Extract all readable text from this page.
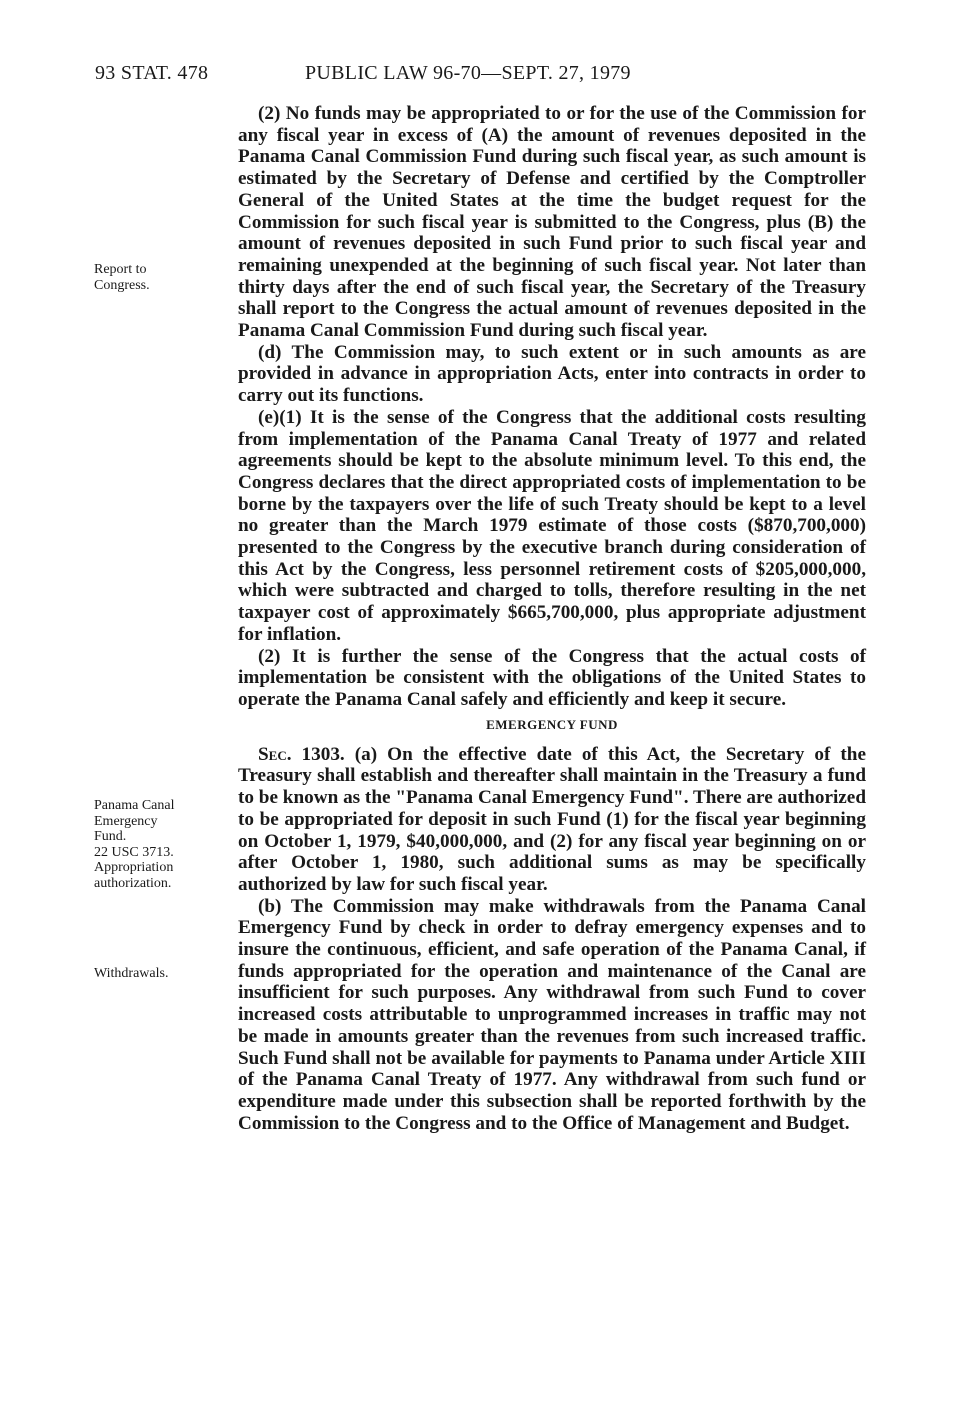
93 STAT. 478	PUBLIC LAW 96-70—SEPT. 27, 1979
Report to
Congress.
Panama Canal
Emergency
Fund.
22 USC 3713.
Appropriation
authorization.
Withdrawals.

(2) No funds may be appropriated to or for the use of the Commission for any fiscal year in excess of (A) the amount of revenues deposited in the Panama Canal Commission Fund during such fiscal year, as such amount is estimated by the Secretary of Defense and certified by the Comptroller General of the United States at the time the budget request for the Commission for such fiscal year is submitted to the Congress, plus (B) the amount of revenues deposited in such Fund prior to such fiscal year and remaining unexpended at the beginning of such fiscal year. Not later than thirty days after the end of such fiscal year, the Secretary of the Treasury shall report to the Congress the actual amount of revenues deposited in the Panama Canal Commission Fund during such fiscal year.

(d) The Commission may, to such extent or in such amounts as are provided in advance in appropriation Acts, enter into contracts in order to carry out its functions.

(e)(1) It is the sense of the Congress that the additional costs resulting from implementation of the Panama Canal Treaty of 1977 and related agreements should be kept to the absolute minimum level. To this end, the Congress declares that the direct appropriated costs of implementation to be borne by the taxpayers over the life of such Treaty should be kept to a level no greater than the March 1979 estimate of those costs ($870,700,000) presented to the Congress by the executive branch during consideration of this Act by the Congress, less personnel retirement costs of $205,000,000, which were subtracted and charged to tolls, therefore resulting in the net taxpayer cost of approximately $665,700,000, plus appropriate adjustment for inflation.

(2) It is further the sense of the Congress that the actual costs of implementation be consistent with the obligations of the United States to operate the Panama Canal safely and efficiently and keep it secure.

EMERGENCY FUND

Sec. 1303. (a) On the effective date of this Act, the Secretary of the Treasury shall establish and thereafter shall maintain in the Treasury a fund to be known as the "Panama Canal Emergency Fund". There are authorized to be appropriated for deposit in such Fund (1) for the fiscal year beginning on October 1, 1979, $40,000,000, and (2) for any fiscal year beginning on or after October 1, 1980, such additional sums as may be specifically authorized by law for such fiscal year.

(b) The Commission may make withdrawals from the Panama Canal Emergency Fund by check in order to defray emergency expenses and to insure the continuous, efficient, and safe operation of the Panama Canal, if funds appropriated for the operation and maintenance of the Canal are insufficient for such purposes. Any withdrawal from such Fund to cover increased costs attributable to unprogrammed increases in traffic may not be made in amounts greater than the revenues from such increased traffic. Such Fund shall not be available for payments to Panama under Article XIII of the Panama Canal Treaty of 1977. Any withdrawal from such fund or expenditure made under this subsection shall be reported forthwith by the Commission to the Congress and to the Office of Management and Budget.
